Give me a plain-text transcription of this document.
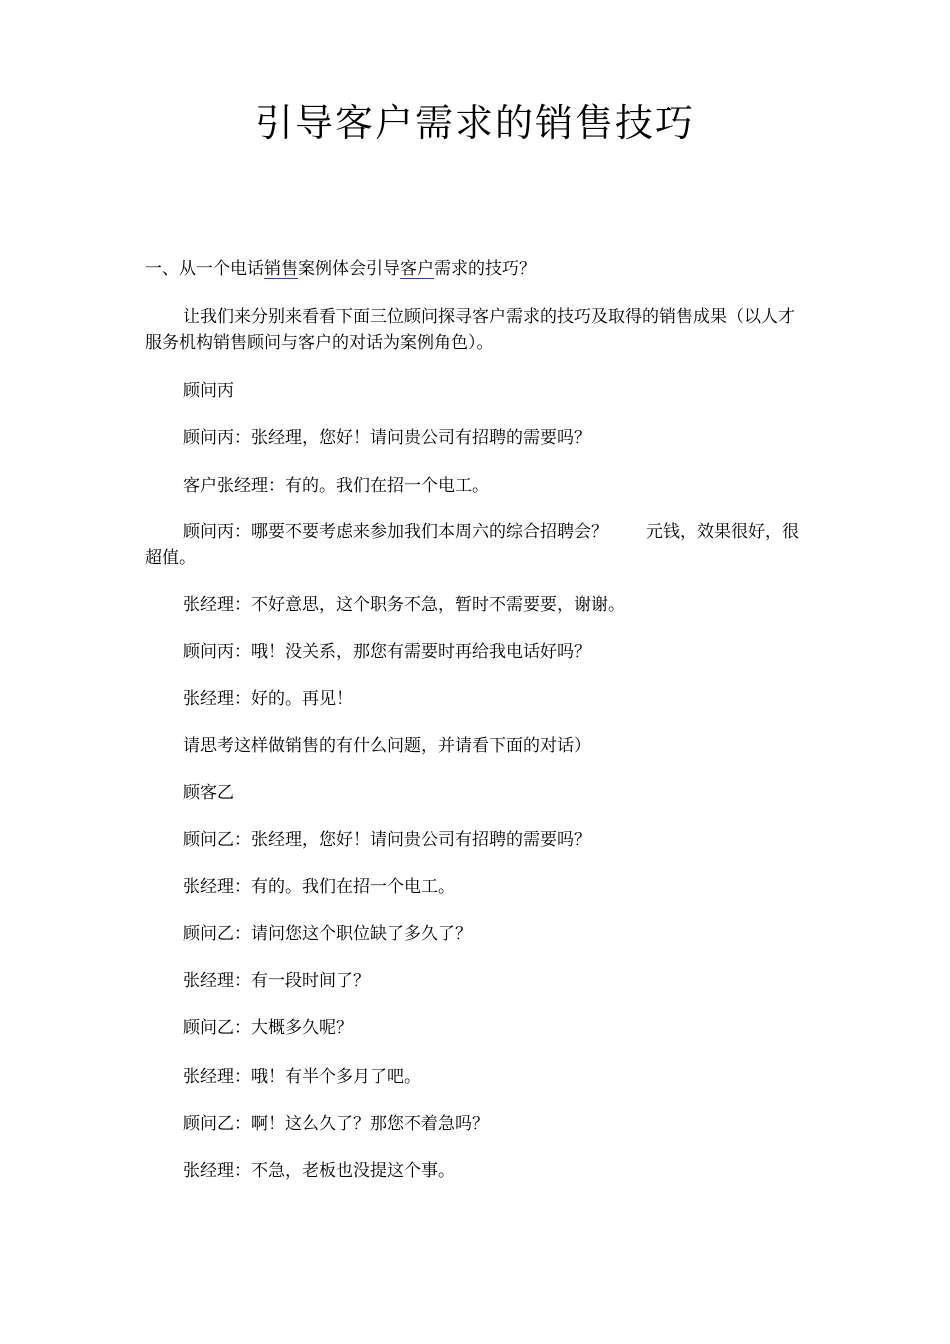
引导客户需求的销售技巧
一、从一个电话销售案例体会引导客户需求的技巧？

让我们来分别来看看下面三位顾问探寻客户需求的技巧及取得的销售成果（以人才服务机构销售顾问与客户的对话为案例角色）。

顾问丙

顾问丙：张经理，您好！请问贵公司有招聘的需要吗？

客户张经理：有的。我们在招一个电工。

顾问丙：哪要不要考虑来参加我们本周六的综合招聘会？ 元钱，效果很好，很超值。

张经理：不好意思，这个职务不急，暂时不需要要，谢谢。

顾问丙：哦！没关系，那您有需要时再给我电话好吗？

张经理：好的。再见！

请思考这样做销售的有什么问题，并请看下面的对话）

顾客乙

顾问乙：张经理，您好！请问贵公司有招聘的需要吗？

张经理：有的。我们在招一个电工。

顾问乙：请问您这个职位缺了多久了？

张经理：有一段时间了？

顾问乙：大概多久呢？

张经理：哦！有半个多月了吧。

顾问乙：啊！这么久了？那您不着急吗？

张经理：不急，老板也没提这个事。
